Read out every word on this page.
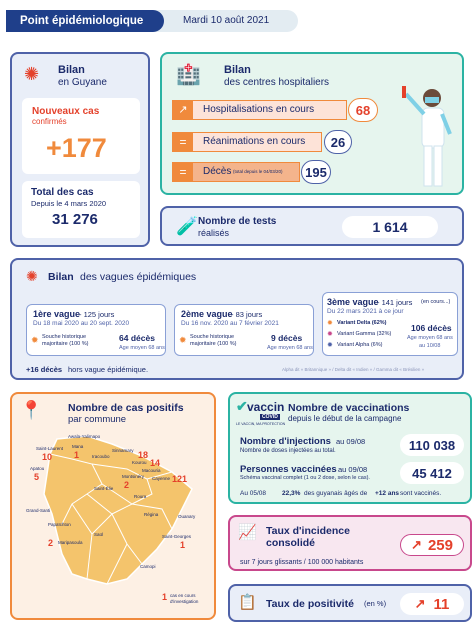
Point épidémiologique	Mardi 10 août 2021
✺ Bilan
en Guyane
Nouveaux cas
confirmés
+177
Total des cas
Depuis le 4 mars 2020
31 276
🏥 Bilan
des centres hospitaliers
↗	Hospitalisations en cours	68
=	Réanimations en cours	26
=	Décès (total depuis le 04/03/20)	195
🧪 Nombre de tests
réalisés	1 614
✺ Bilan des vagues épidémiques
1ère vague
- 125 jours
Du 18 mai 2020 au 20 sept. 2020
✹ Souche historique majoritaire (100 %)
64 décès
Age moyen 68 ans
2ème vague
- 83 jours
Du 16 nov. 2020 au 7 février 2021
✹ Souche historique majoritaire (100 %)
9 décès
Age moyen 68 ans
3ème vague
- 141 jours (en cours...)
Du 22 mars 2021 à ce jour
✹ Variant Delta (62%)
✹ Variant Gamma (32%)
✹ Variant Alpha (6%)
106 décès
Age moyen 68 ans
au 10/08
+16 décès hors vague épidémique.	Alpha dit « Britannique » / Delta dit « Indien » / Gamma dit « Brésilien »
📍 Nombre de cas positifs
par commune
Awala-Yalimapo
Mana
1
Saint-Laurent
10
Apatou
5
Iracoubo
Sinnamary
Kourou
18
Macouria
14
Montsinéry
2
Cayenne 121
Saint-Élie
Roura
Régina
Grand-Santi
Papaïchton
Saül
Maripasoula
2
Ouanary
Saint-Georges
1
Camopi
1 cas en cours d'investigation
✔ vaccin
COVID
LE VACCIN, MA PROTECTION
Nombre de vaccinations
depuis le début de la campagne
Nombre d'injections au 09/08
Nombre de doses injectées au total.	110 038
Personnes vaccinées au 09/08
Schéma vaccinal complet (1 ou 2 dose, selon le cas).	45 412
Au 05/08 22,3% des guyanais âgés de +12 ans sont vaccinés.
📈 Taux d'incidence
consolidé
sur 7 jours glissants / 100 000 habitants
↗ 259
📋 Taux de positivité (en %) ↗ 11
